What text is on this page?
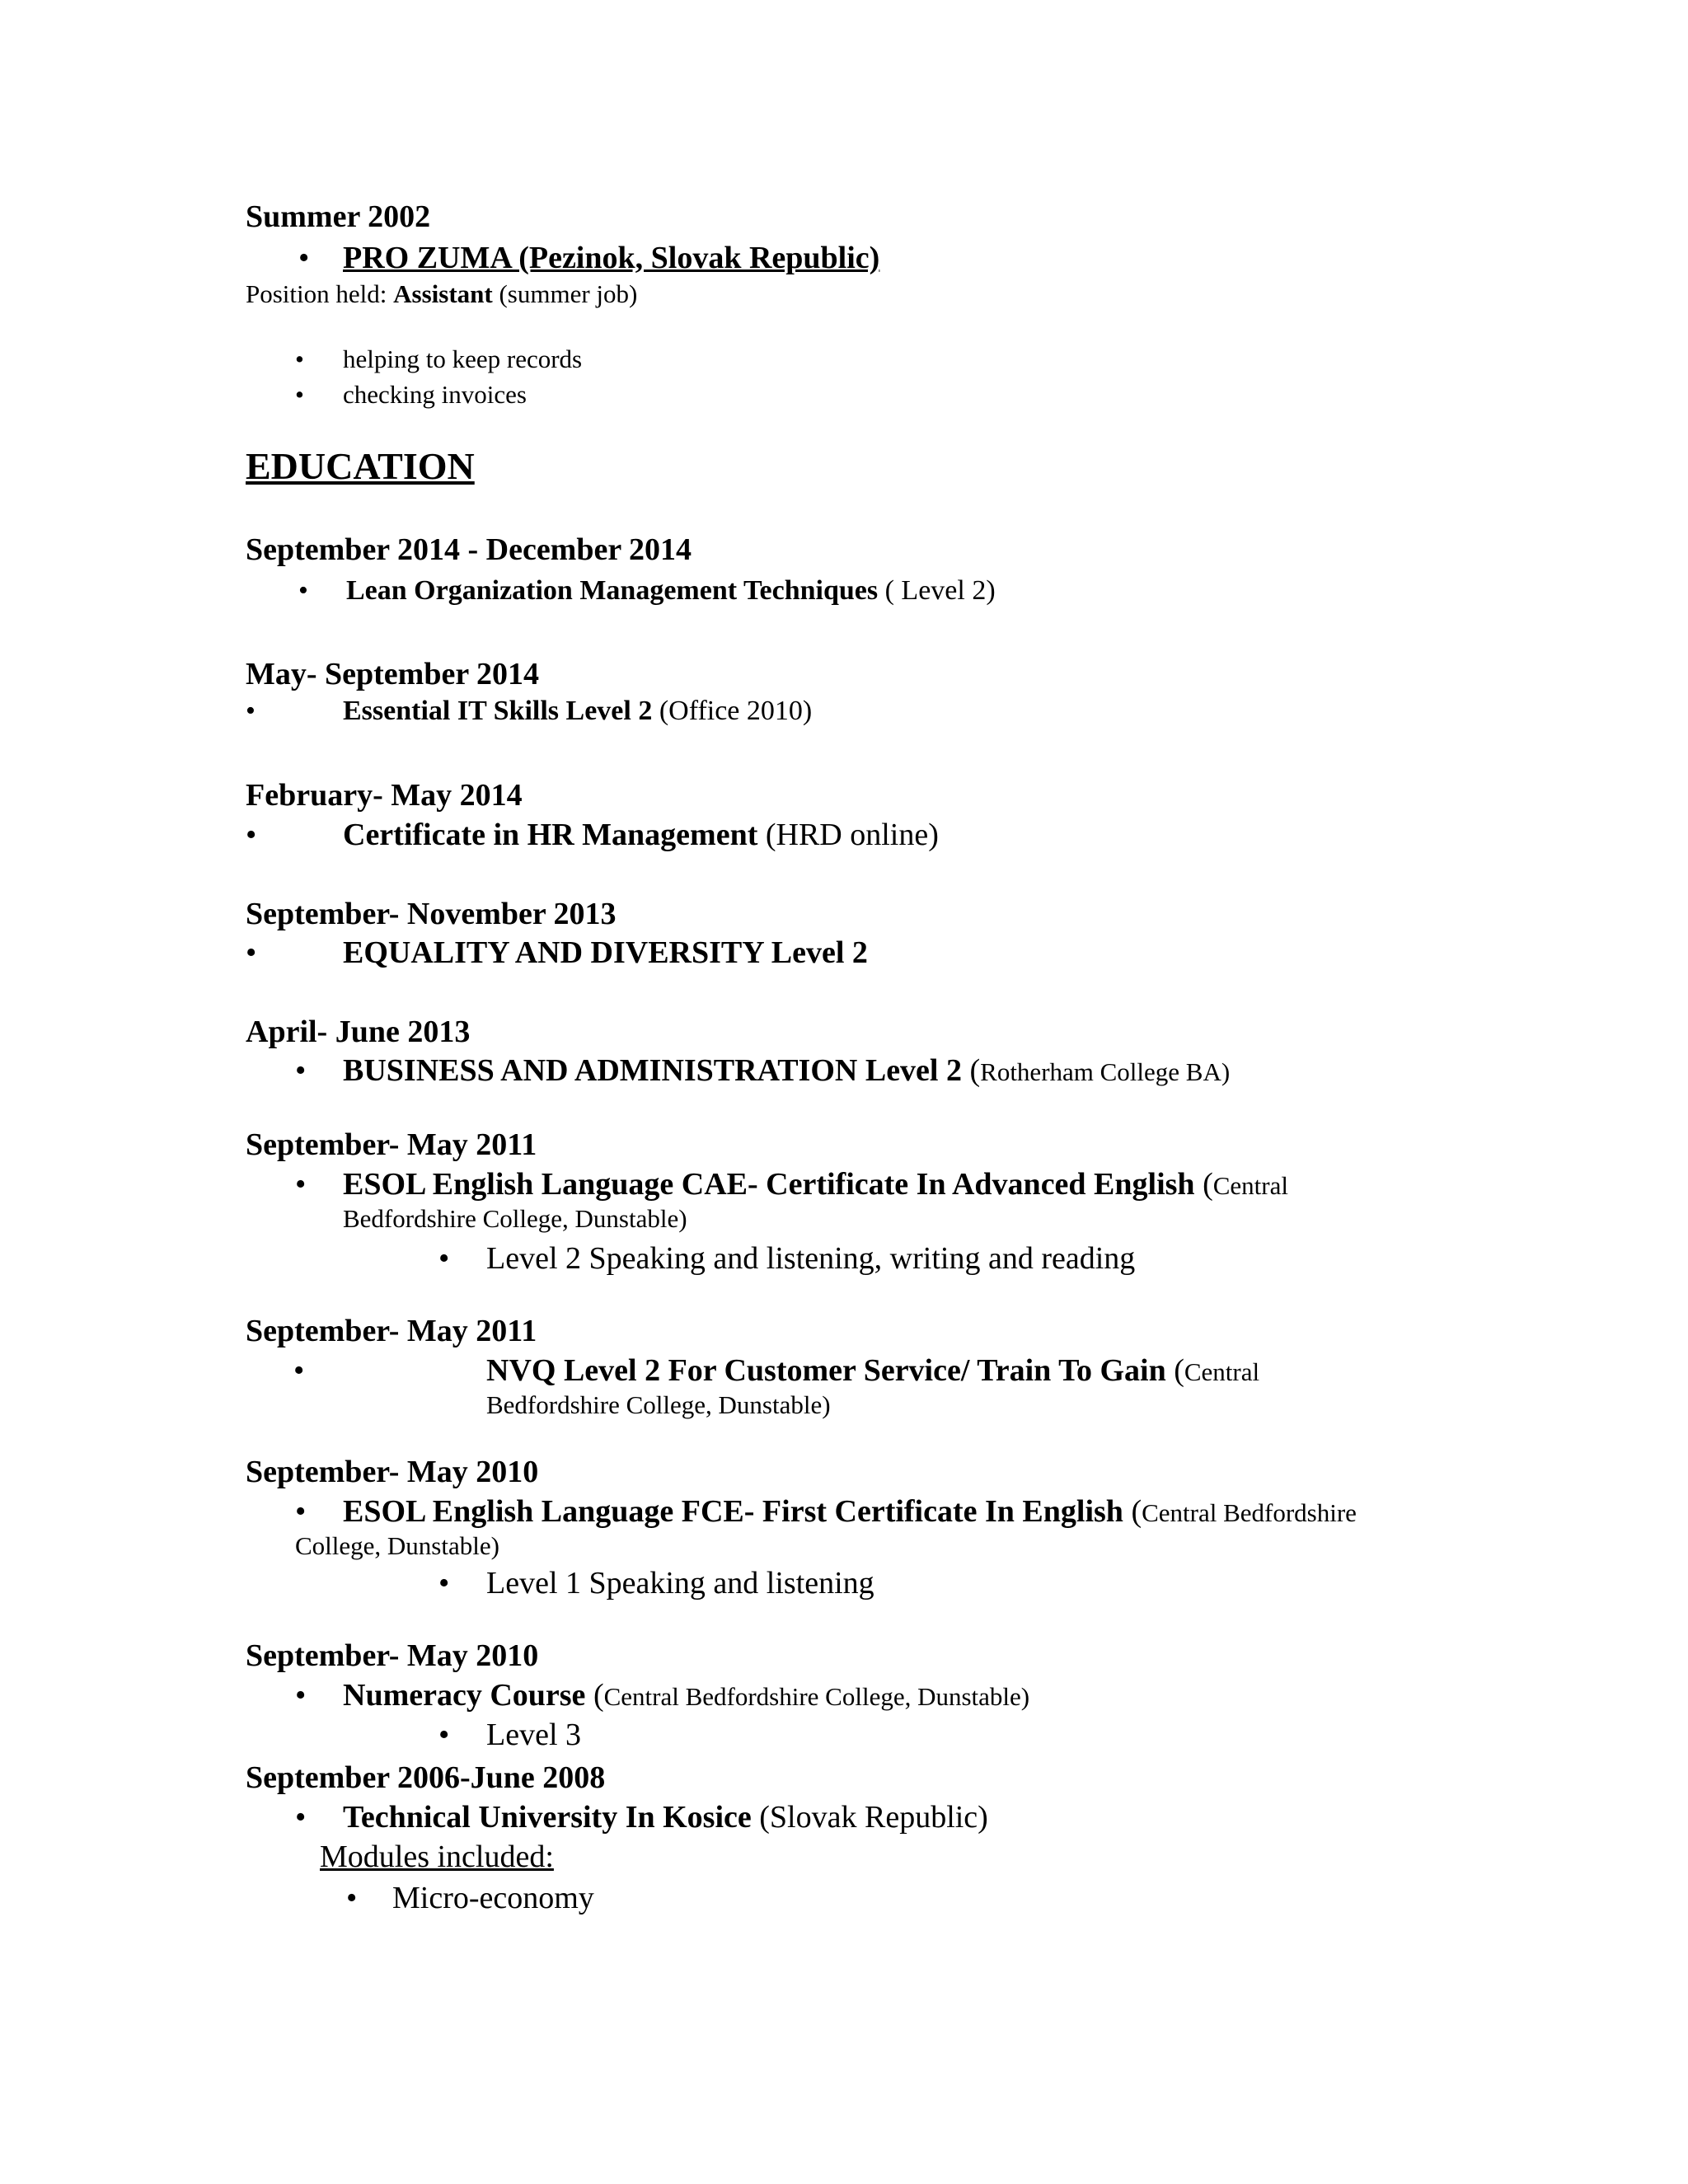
Summer 2002
• PRO ZUMA (Pezinok, Slovak Republic)
Position held: Assistant (summer job)
• helping to keep records
• checking invoices
EDUCATION
September 2014 - December 2014
• Lean Organization Management Techniques ( Level 2)
May- September 2014
•	Essential IT Skills Level 2 (Office 2010)
February- May 2014
•	Certificate in HR Management (HRD online)
September- November 2013
•	EQUALITY AND DIVERSITY Level 2
April- June 2013
• BUSINESS AND ADMINISTRATION Level 2 (Rotherham College BA)
September- May 2011
• ESOL English Language CAE- Certificate In Advanced English (Central
Bedfordshire College, Dunstable)
• Level 2 Speaking and listening, writing and reading
September- May 2011
•	NVQ Level 2 For Customer Service/ Train To Gain (Central
Bedfordshire College, Dunstable)
September- May 2010
• ESOL English Language FCE- First Certificate In English (Central Bedfordshire
College, Dunstable)
• Level 1 Speaking and listening
September- May 2010
• Numeracy Course (Central Bedfordshire College, Dunstable)
• Level 3
September 2006-June 2008
• Technical University In Kosice (Slovak Republic)
Modules included:
• Micro-economy
